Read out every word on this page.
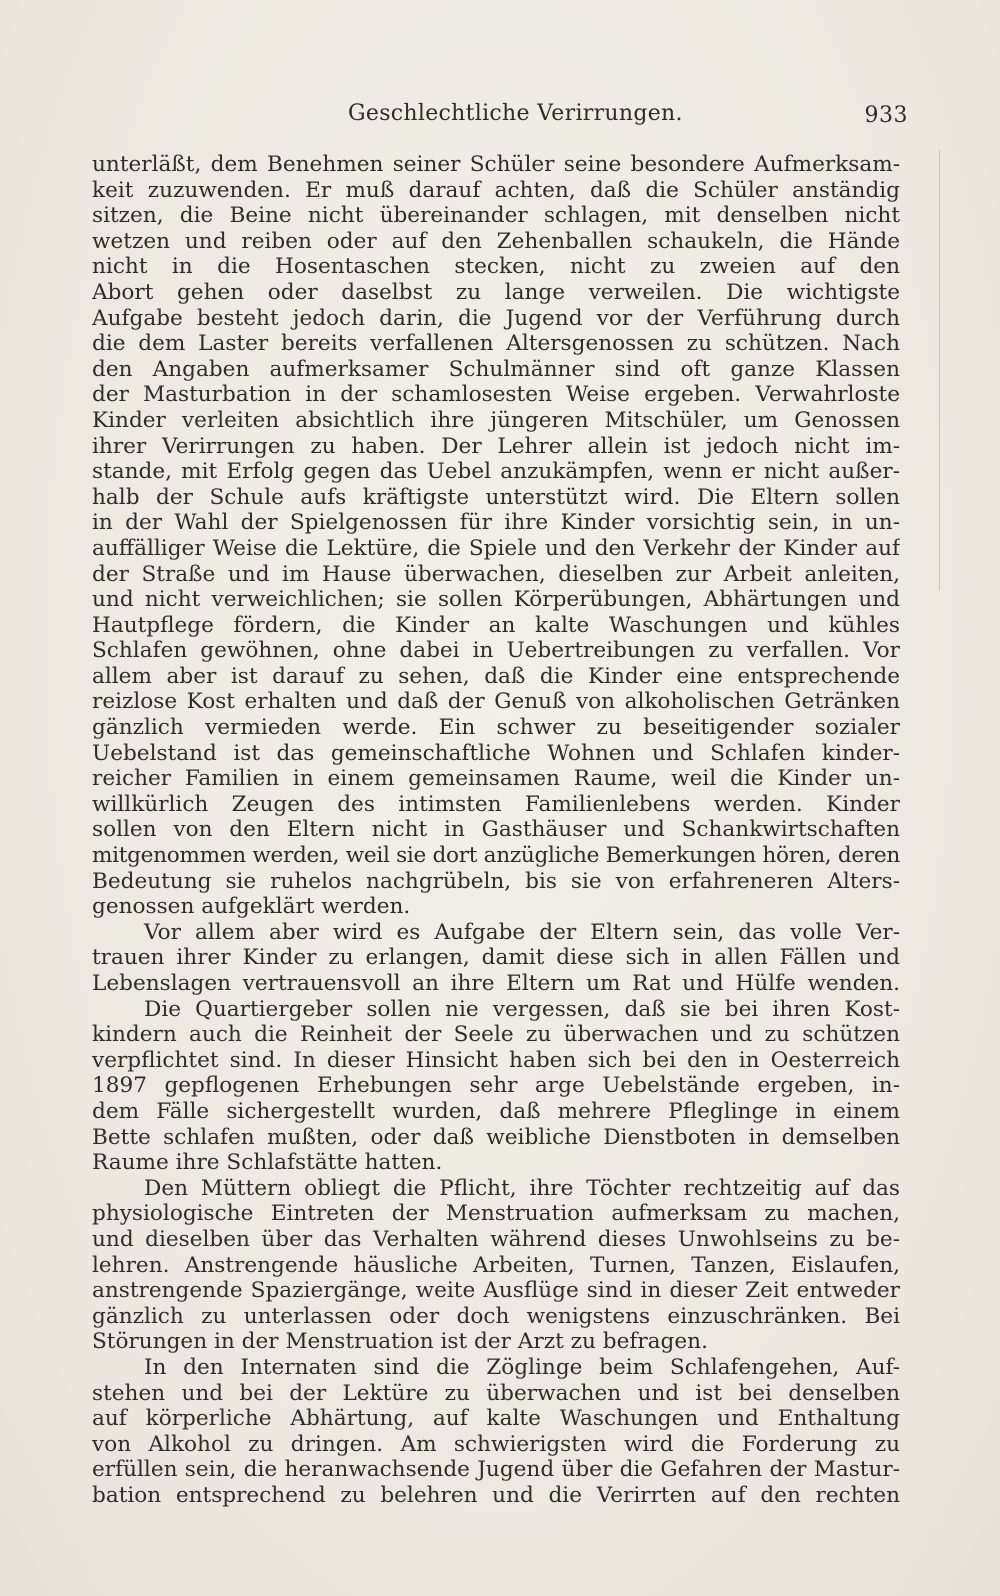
Geschlechtliche Verirrungen.	933
unterläßt, dem Benehmen seiner Schüler seine besondere Aufmerksam-
keit zuzuwenden. Er muß darauf achten, daß die Schüler anständig
sitzen, die Beine nicht übereinander schlagen, mit denselben nicht
wetzen und reiben oder auf den Zehenballen schaukeln, die Hände
nicht in die Hosentaschen stecken, nicht zu zweien auf den
Abort gehen oder daselbst zu lange verweilen. Die wichtigste
Aufgabe besteht jedoch darin, die Jugend vor der Verführung durch
die dem Laster bereits verfallenen Altersgenossen zu schützen. Nach
den Angaben aufmerksamer Schulmänner sind oft ganze Klassen
der Masturbation in der schamlosesten Weise ergeben. Verwahrloste
Kinder verleiten absichtlich ihre jüngeren Mitschüler, um Genossen
ihrer Verirrungen zu haben. Der Lehrer allein ist jedoch nicht im-
stande, mit Erfolg gegen das Uebel anzukämpfen, wenn er nicht außer-
halb der Schule aufs kräftigste unterstützt wird. Die Eltern sollen
in der Wahl der Spielgenossen für ihre Kinder vorsichtig sein, in un-
auffälliger Weise die Lektüre, die Spiele und den Verkehr der Kinder auf
der Straße und im Hause überwachen, dieselben zur Arbeit anleiten,
und nicht verweichlichen; sie sollen Körperübungen, Abhärtungen und
Hautpflege fördern, die Kinder an kalte Waschungen und kühles
Schlafen gewöhnen, ohne dabei in Uebertreibungen zu verfallen. Vor
allem aber ist darauf zu sehen, daß die Kinder eine entsprechende
reizlose Kost erhalten und daß der Genuß von alkoholischen Getränken
gänzlich vermieden werde. Ein schwer zu beseitigender sozialer
Uebelstand ist das gemeinschaftliche Wohnen und Schlafen kinder-
reicher Familien in einem gemeinsamen Raume, weil die Kinder un-
willkürlich Zeugen des intimsten Familienlebens werden. Kinder
sollen von den Eltern nicht in Gasthäuser und Schankwirtschaften
mitgenommen werden, weil sie dort anzügliche Bemerkungen hören, deren
Bedeutung sie ruhelos nachgrübeln, bis sie von erfahreneren Alters-
genossen aufgeklärt werden.
Vor allem aber wird es Aufgabe der Eltern sein, das volle Ver-
trauen ihrer Kinder zu erlangen, damit diese sich in allen Fällen und
Lebenslagen vertrauensvoll an ihre Eltern um Rat und Hülfe wenden.
Die Quartiergeber sollen nie vergessen, daß sie bei ihren Kost-
kindern auch die Reinheit der Seele zu überwachen und zu schützen
verpflichtet sind. In dieser Hinsicht haben sich bei den in Oesterreich
1897 gepflogenen Erhebungen sehr arge Uebelstände ergeben, in-
dem Fälle sichergestellt wurden, daß mehrere Pfleglinge in einem
Bette schlafen mußten, oder daß weibliche Dienstboten in demselben
Raume ihre Schlafstätte hatten.
Den Müttern obliegt die Pflicht, ihre Töchter rechtzeitig auf das
physiologische Eintreten der Menstruation aufmerksam zu machen,
und dieselben über das Verhalten während dieses Unwohlseins zu be-
lehren. Anstrengende häusliche Arbeiten, Turnen, Tanzen, Eislaufen,
anstrengende Spaziergänge, weite Ausflüge sind in dieser Zeit entweder
gänzlich zu unterlassen oder doch wenigstens einzuschränken. Bei
Störungen in der Menstruation ist der Arzt zu befragen.
In den Internaten sind die Zöglinge beim Schlafengehen, Auf-
stehen und bei der Lektüre zu überwachen und ist bei denselben
auf körperliche Abhärtung, auf kalte Waschungen und Enthaltung
von Alkohol zu dringen. Am schwierigsten wird die Forderung zu
erfüllen sein, die heranwachsende Jugend über die Gefahren der Mastur-
bation entsprechend zu belehren und die Verirrten auf den rechten
